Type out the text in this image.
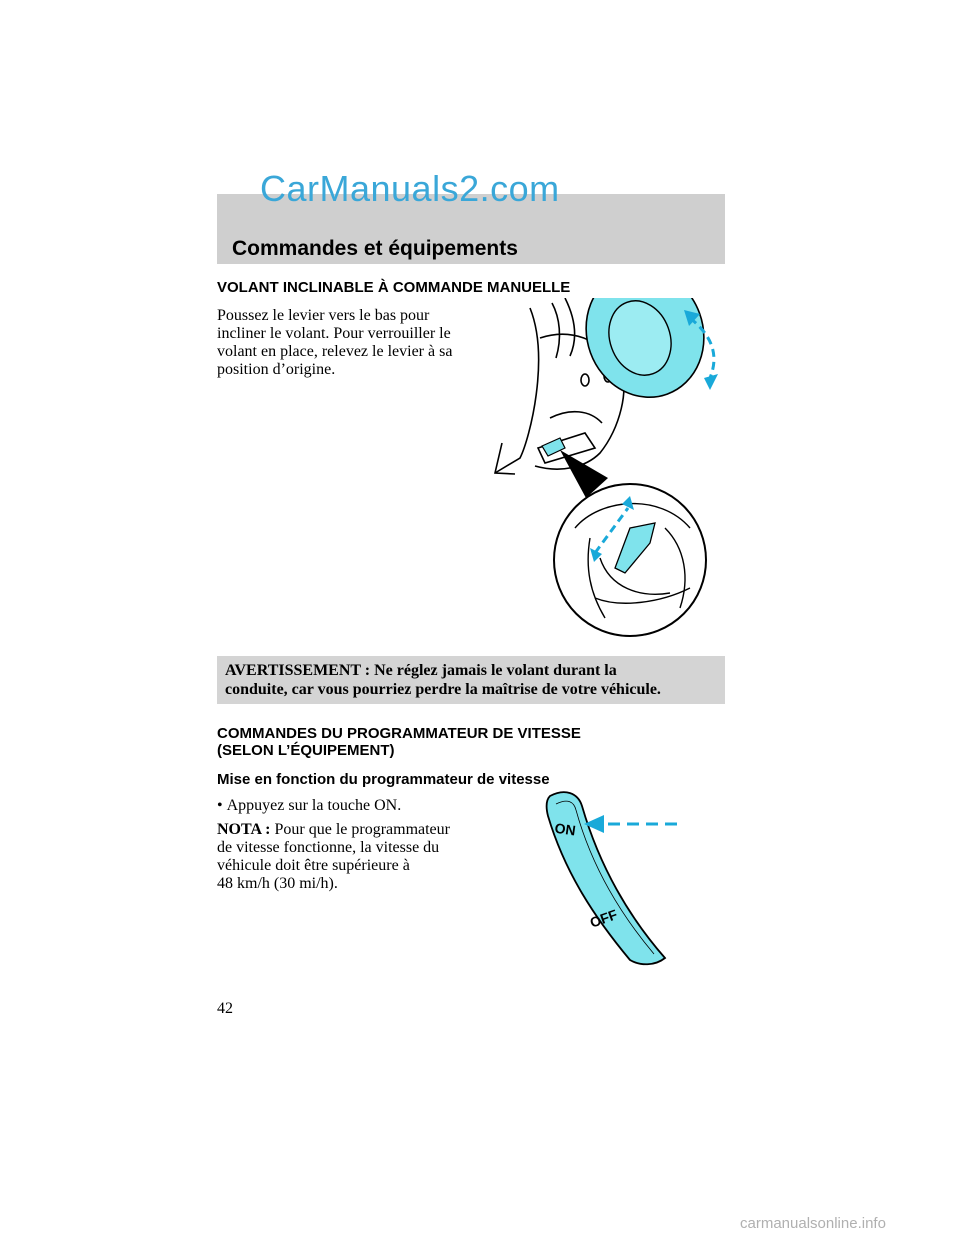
CarManuals2.com
Commandes et équipements
VOLANT INCLINABLE À COMMANDE MANUELLE
Poussez le levier vers le bas pour
incliner le volant. Pour verrouiller le
volant en place, relevez le levier à sa
position d’origine.
AVERTISSEMENT : Ne réglez jamais le volant durant la
conduite, car vous pourriez perdre la maîtrise de votre véhicule.
COMMANDES DU PROGRAMMATEUR DE VITESSE
(SELON L’ÉQUIPEMENT)
Mise en fonction du programmateur de vitesse
• Appuyez sur la touche ON.
NOTA : Pour que le programmateur
de vitesse fonctionne, la vitesse du
véhicule doit être supérieure à
48 km/h (30 mi/h).
ON
OFF
42
carmanualsonline.info
